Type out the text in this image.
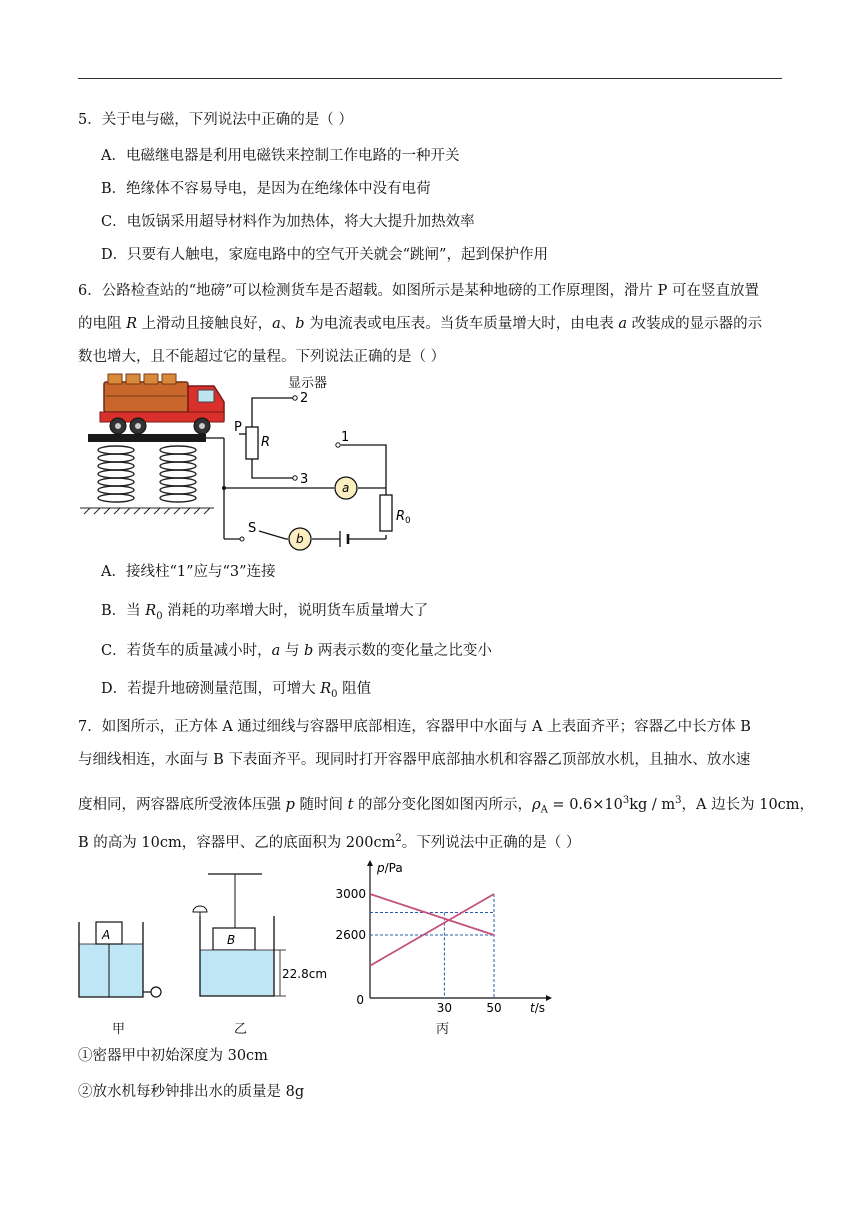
5．关于电与磁，下列说法中正确的是（ ）
A．电磁继电器是利用电磁铁来控制工作电路的一种开关
B．绝缘体不容易导电，是因为在绝缘体中没有电荷
C．电饭锅采用超导材料作为加热体，将大大提升加热效率
D．只要有人触电，家庭电路中的空气开关就会“跳闸”，起到保护作用
6．公路检查站的“地磅”可以检测货车是否超载。如图所示是某种地磅的工作原理图，滑片 P 可在竖直放置
的电阻 R 上滑动且接触良好，a、b 为电流表或电压表。当货车质量增大时，由电表 a 改装成的显示器的示
数也增大，且不能超过它的量程。下列说法正确的是（ ）
显示器
2
1
3
P
R
a
b
S
$R_0$
A．接线柱“1”应与“3”连接
B．当 $R_0$ 消耗的功率增大时，说明货车质量增大了
C．若货车的质量减小时，a 与 b 两表示数的变化量之比变小
D．若提升地磅测量范围，可增大 $R_0$ 阻值
7．如图所示，正方体 A 通过细线与容器甲底部相连，容器甲中水面与 A 上表面齐平；容器乙中长方体 B
与细线相连，水面与 B 下表面齐平。现同时打开容器甲底部抽水机和容器乙顶部放水机，且抽水、放水速
度相同，两容器底所受液体压强 p 随时间 t 的部分变化图如图丙所示，$\rho_A = 0.6\times 10^3kg / m^3$，A 边长为 10cm，
B 的高为 10cm，容器甲、乙的底面积为 $200cm^2$。下列说法中正确的是（ ）
A
甲
22.8cm
B
乙
3000
2600
30	50
p/Pa
t/s
0
丙
①密器甲中初始深度为 30cm
②放水机每秒钟排出水的质量是 8g
